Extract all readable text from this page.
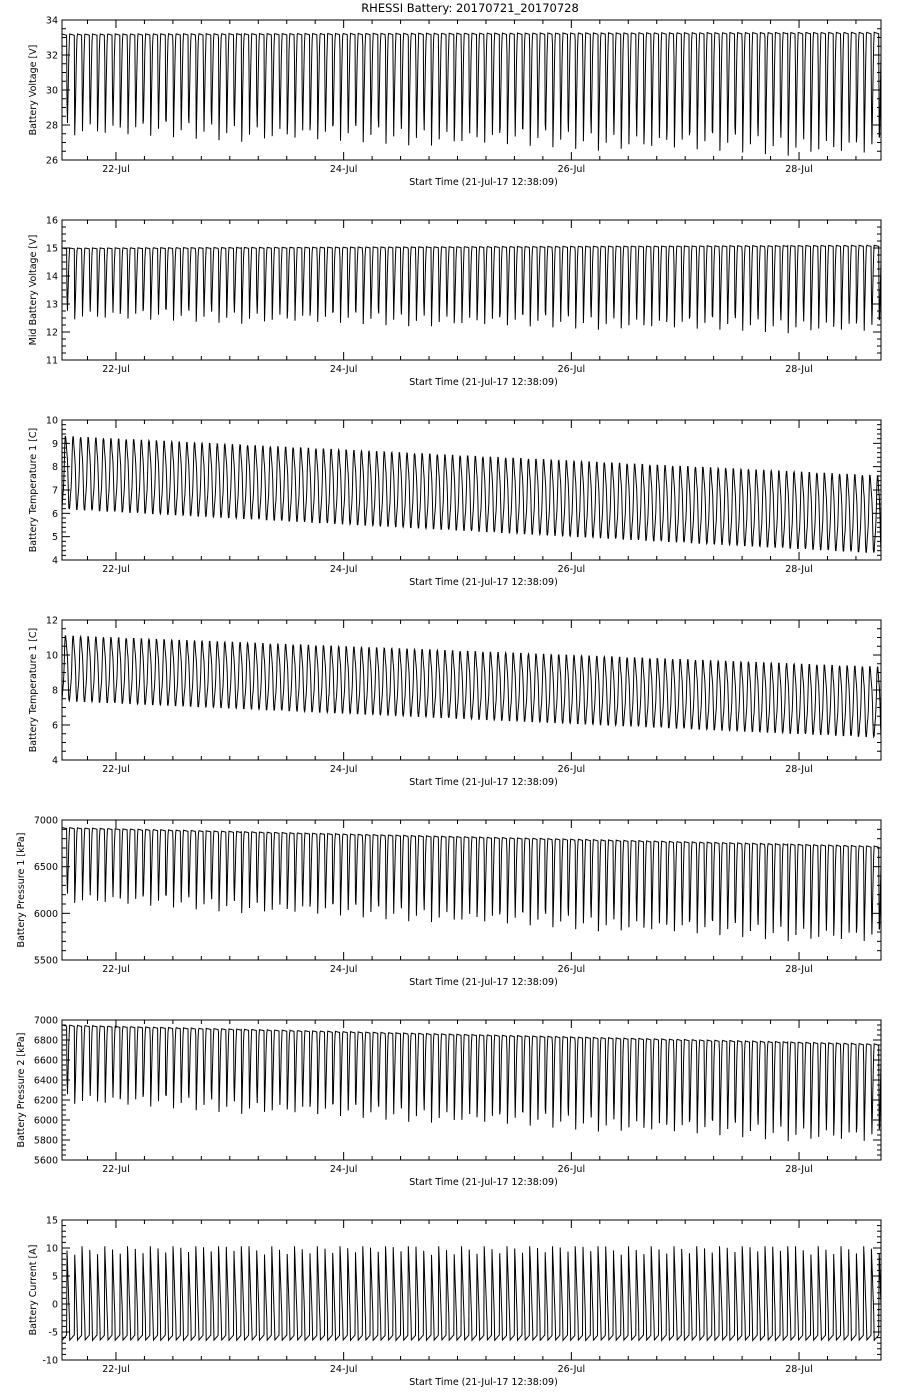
RHESSI Battery: 20170721_20170728
26
28
30
32
34
22-Jul	24-Jul	26-Jul	28-Jul
Start Time (21-Jul-17 12:38:09)
Battery Voltage [V]
11
12
13
14
15
16
22-Jul	24-Jul	26-Jul	28-Jul
Start Time (21-Jul-17 12:38:09)
Mid Battery Voltage [V]
4
5
6
7
8
9
10
22-Jul	24-Jul	26-Jul	28-Jul
Start Time (21-Jul-17 12:38:09)
Battery Temperature 1 [C]
4
6
8
10
12
22-Jul	24-Jul	26-Jul	28-Jul
Start Time (21-Jul-17 12:38:09)
Battery Temperature 1 [C]
5500
6000
6500
7000
22-Jul	24-Jul	26-Jul	28-Jul
Start Time (21-Jul-17 12:38:09)
Battery Pressure 1 [kPa]
5600
5800
6000
6200
6400
6600
6800
7000
22-Jul	24-Jul	26-Jul	28-Jul
Start Time (21-Jul-17 12:38:09)
Battery Pressure 2 [kPa]
-10
-5
0
5
10
15
22-Jul	24-Jul	26-Jul	28-Jul
Start Time (21-Jul-17 12:38:09)
Battery Current [A]
